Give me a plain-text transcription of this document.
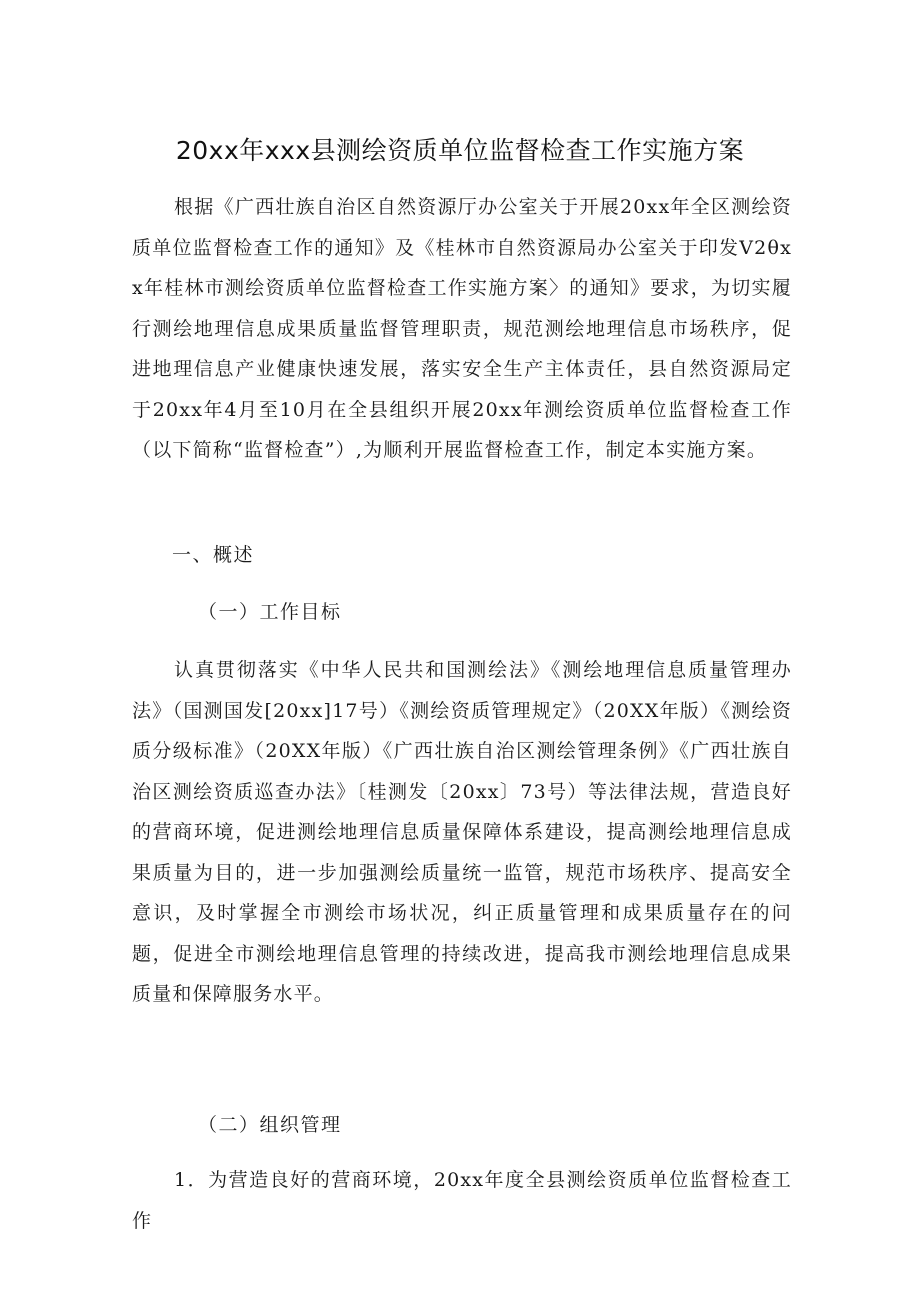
20xx年xxx县测绘资质单位监督检查工作实施方案
根据《广西壮族自治区自然资源厅办公室关于开展20xx年全区测绘资质单位监督检查工作的通知》及《桂林市自然资源局办公室关于印发V2θxx年桂林市测绘资质单位监督检查工作实施方案〉的通知》要求，为切实履行测绘地理信息成果质量监督管理职责，规范测绘地理信息市场秩序，促进地理信息产业健康快速发展，落实安全生产主体责任，县自然资源局定于20xx年4月至10月在全县组织开展20xx年测绘资质单位监督检查工作（以下简称“监督检查”）,为顺利开展监督检查工作，制定本实施方案。
一、概述
（一）工作目标
认真贯彻落实《中华人民共和国测绘法》《测绘地理信息质量管理办法》（国测国发[20xx]17号）《测绘资质管理规定》（20XX年版）《测绘资质分级标准》（20XX年版）《广西壮族自治区测绘管理条例》《广西壮族自治区测绘资质巡查办法》〔桂测发〔20xx〕73号）等法律法规，营造良好的营商环境，促进测绘地理信息质量保障体系建设，提高测绘地理信息成果质量为目的，进一步加强测绘质量统一监管，规范市场秩序、提高安全意识，及时掌握全市测绘市场状况，纠正质量管理和成果质量存在的问题，促进全市测绘地理信息管理的持续改进，提高我市测绘地理信息成果质量和保障服务水平。
（二）组织管理
1．为营造良好的营商环境，20xx年度全县测绘资质单位监督检查工作
